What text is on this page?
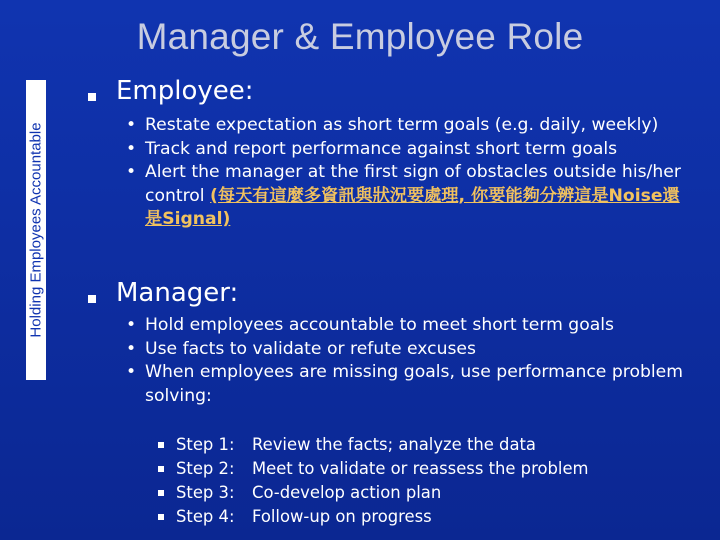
Manager & Employee Role
Holding Employees Accountable
Employee:
• Restate expectation as short term goals (e.g. daily, weekly)
• Track and report performance against short term goals
• Alert the manager at the first sign of obstacles outside his/her control (每天有這麼多資訊與狀況要處理, 你要能夠分辨這是Noise還是Signal)
Manager:
• Hold employees accountable to meet short term goals
• Use facts to validate or refute excuses
• When employees are missing goals, use performance problem solving:
Step 1: Review the facts; analyze the data
Step 2: Meet to validate or reassess the problem
Step 3: Co-develop action plan
Step 4: Follow-up on progress
